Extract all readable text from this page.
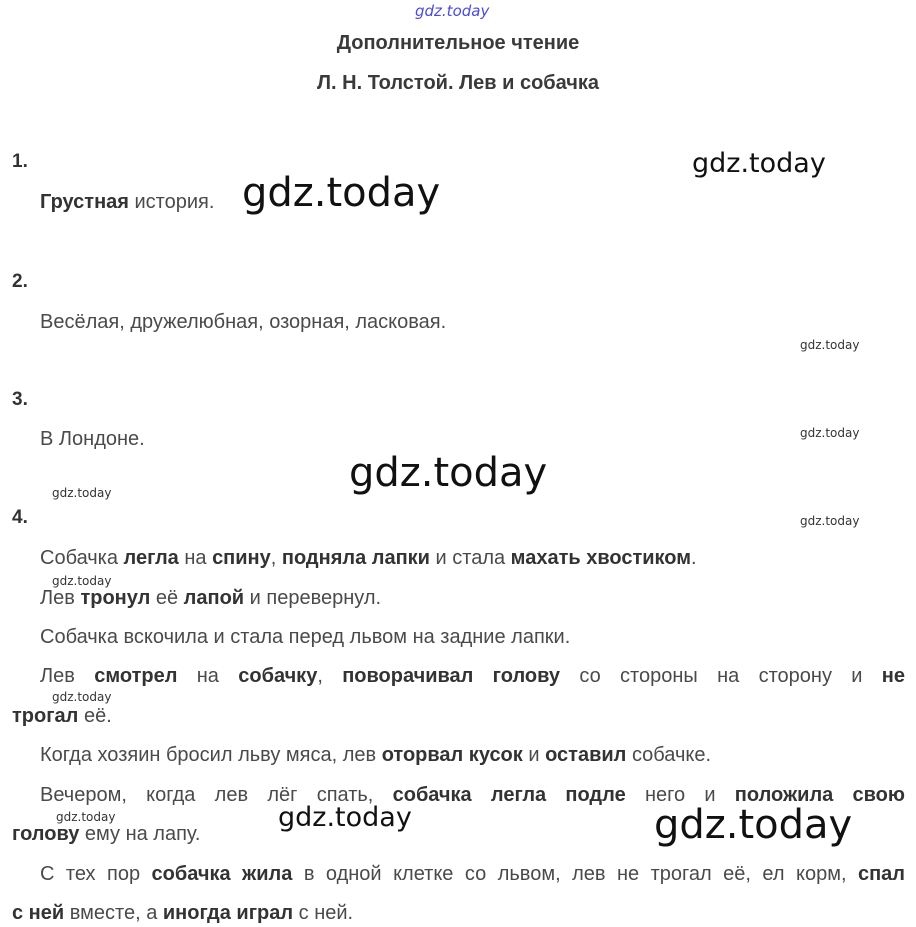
gdz.today
Дополнительное чтение
Л. Н. Толстой. Лев и собачка
1.
Грустная история.
2.
Весёлая, дружелюбная, озорная, ласковая.
3.
В Лондоне.
4.
Собачка легла на спину, подняла лапки и стала махать хвостиком.
Лев тронул её лапой и перевернул.
Собачка вскочила и стала перед львом на задние лапки.
Лев смотрел на собачку, поворачивал голову со стороны на сторону и не
трогал её.
Когда хозяин бросил льву мяса, лев оторвал кусок и оставил собачке.
Вечером, когда лев лёг спать, собачка легла подле него и положила свою
голову ему на лапу.
С тех пор собачка жила в одной клетке со львом, лев не трогал её, ел корм, спал
с ней вместе, а иногда играл с ней.
gdz.today
gdz.today
gdz.today
gdz.today
gdz.today
gdz.today
gdz.today
gdz.today
gdz.today
gdz.today	gdz.today
gdz.today
